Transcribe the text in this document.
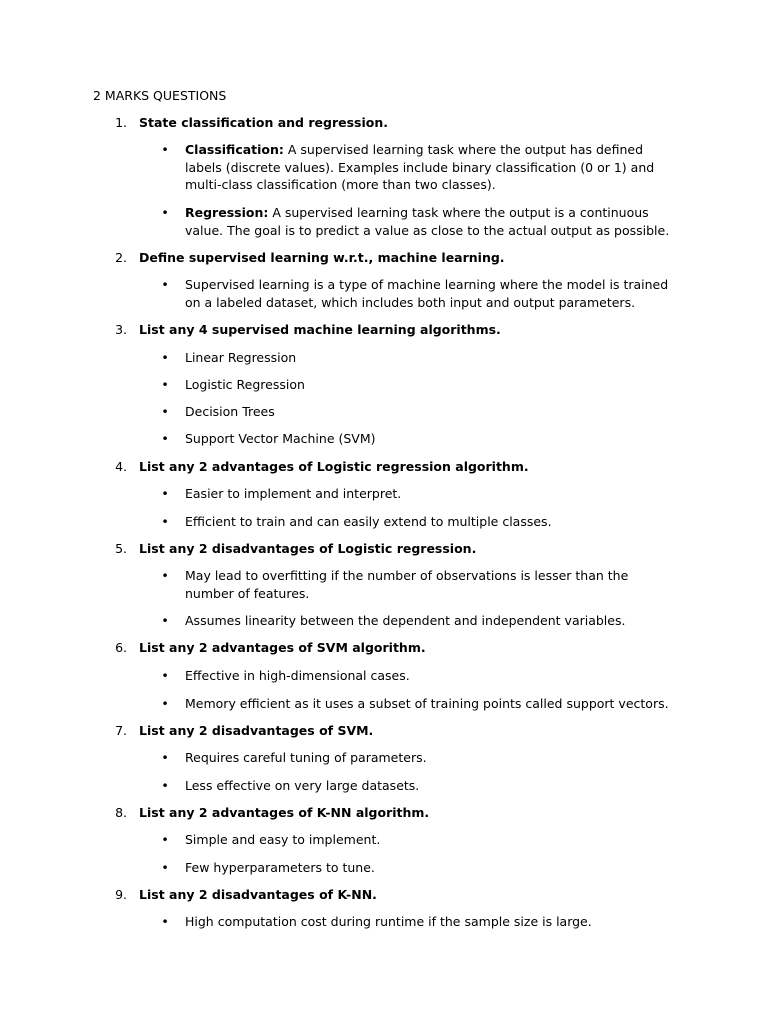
2 MARKS QUESTIONS
1. State classification and regression.
• Classification: A supervised learning task where the output has defined labels (discrete values). Examples include binary classification (0 or 1) and multi-class classification (more than two classes).
• Regression: A supervised learning task where the output is a continuous value. The goal is to predict a value as close to the actual output as possible.
2. Define supervised learning w.r.t., machine learning.
• Supervised learning is a type of machine learning where the model is trained on a labeled dataset, which includes both input and output parameters.
3. List any 4 supervised machine learning algorithms.
• Linear Regression
• Logistic Regression
• Decision Trees
• Support Vector Machine (SVM)
4. List any 2 advantages of Logistic regression algorithm.
• Easier to implement and interpret.
• Efficient to train and can easily extend to multiple classes.
5. List any 2 disadvantages of Logistic regression.
• May lead to overfitting if the number of observations is lesser than the number of features.
• Assumes linearity between the dependent and independent variables.
6. List any 2 advantages of SVM algorithm.
• Effective in high-dimensional cases.
• Memory efficient as it uses a subset of training points called support vectors.
7. List any 2 disadvantages of SVM.
• Requires careful tuning of parameters.
• Less effective on very large datasets.
8. List any 2 advantages of K-NN algorithm.
• Simple and easy to implement.
• Few hyperparameters to tune.
9. List any 2 disadvantages of K-NN.
• High computation cost during runtime if the sample size is large.
